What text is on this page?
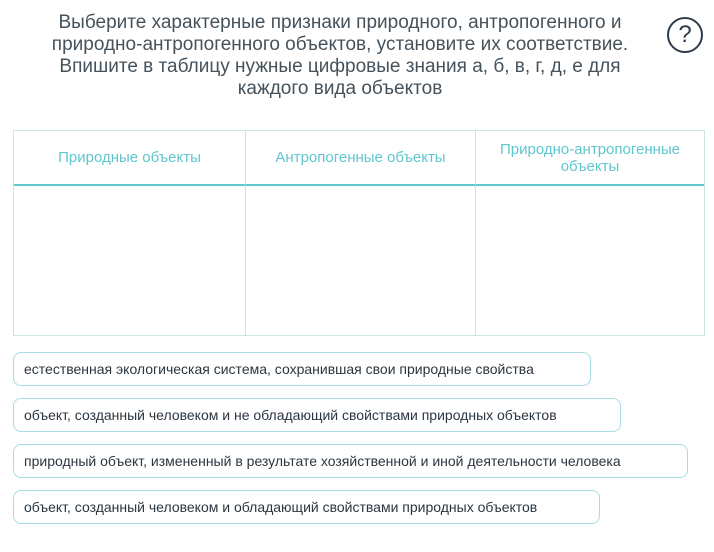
Выберите характерные признаки природного, антропогенного и
природно-антропогенного объектов, установите их соответствие.
Впишите в таблицу нужные цифровые знания а, б, в, г, д, е для
каждого вида объектов
?
Природные объекты	Антропогенные объекты	Природно-антропогенные объекты
естественная экологическая система, сохранившая свои природные свойства
объект, созданный человеком и не обладающий свойствами природных объектов
природный объект, измененный в результате хозяйственной и иной деятельности человека
объект, созданный человеком и обладающий свойствами природных объектов
